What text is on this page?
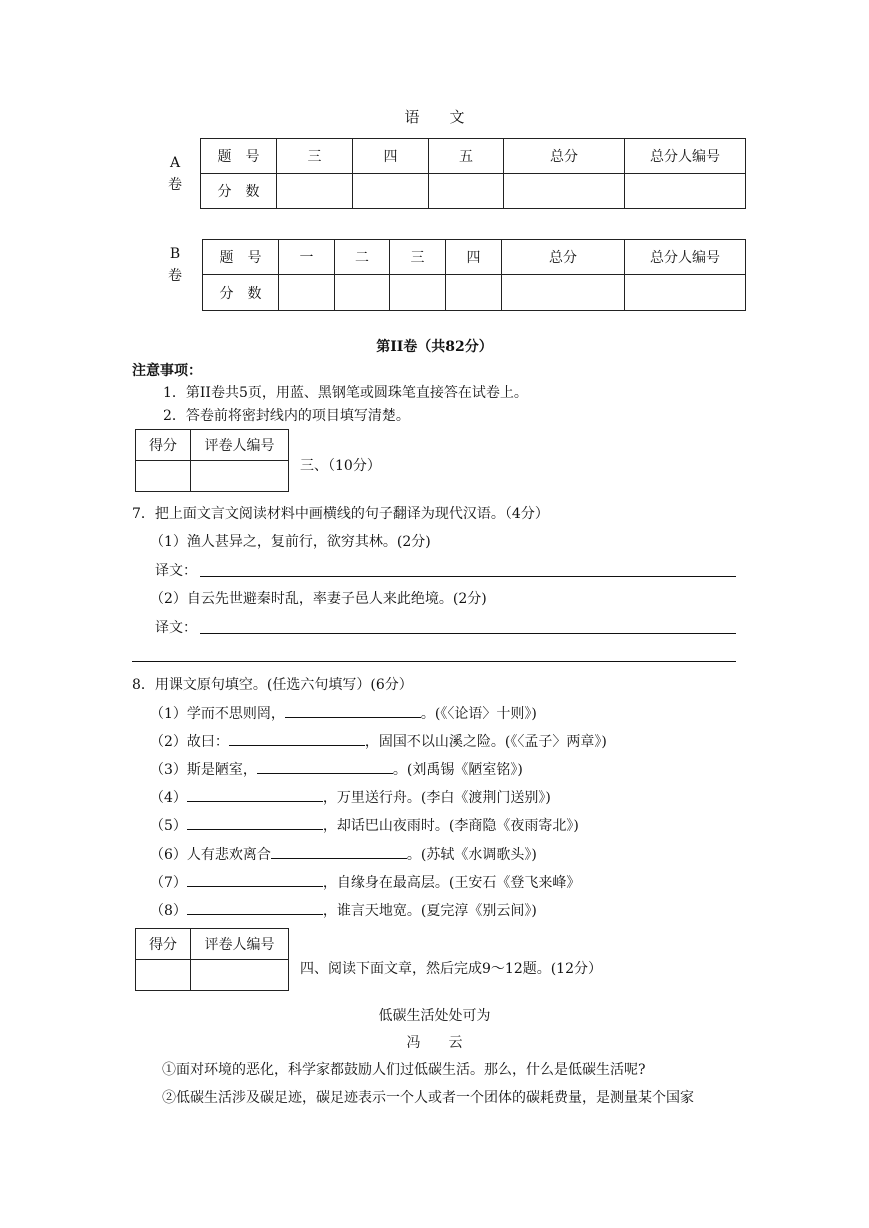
语　　文
A
卷
题　号	三	四	五	总分	总分人编号
分　数					
B
卷
题　号	一	二	三	四	总分	总分人编号
分　数						
第II卷（共82分）
注意事项：
1．第II卷共5页，用蓝、黑钢笔或圆珠笔直接答在试卷上。
2．答卷前将密封线内的项目填写清楚。
得分	评卷人编号

三、（10分）
7．把上面文言文阅读材料中画横线的句子翻译为现代汉语。（4分）
（1）渔人甚异之，复前行，欲穷其林。(2分)
译文：
（2）自云先世避秦时乱，率妻子邑人来此绝境。(2分)
译文：
8．用课文原句填空。(任选六句填写）(6分）
（1）学而不思则罔，	。(《〈论语〉十则》)
（2）故曰：	，固国不以山溪之险。(《〈孟子〉两章》)
（3）斯是陋室，	。(刘禹锡《陋室铭》)
（4）	，万里送行舟。(李白《渡荆门送别》)
（5）	，却话巴山夜雨时。(李商隐《夜雨寄北》)
（6）人有悲欢离合	。(苏轼《水调歌头》)
（7）	，自缘身在最高层。(王安石《登飞来峰》
（8）	，谁言天地宽。(夏完淳《别云间》)
得分	评卷人编号

四、阅读下面文章，然后完成9～12题。(12分）
低碳生活处处可为
冯　　云
①面对环境的恶化，科学家都鼓励人们过低碳生活。那么，什么是低碳生活呢?
②低碳生活涉及碳足迹，碳足迹表示一个人或者一个团体的碳耗费量，是测量某个国家
